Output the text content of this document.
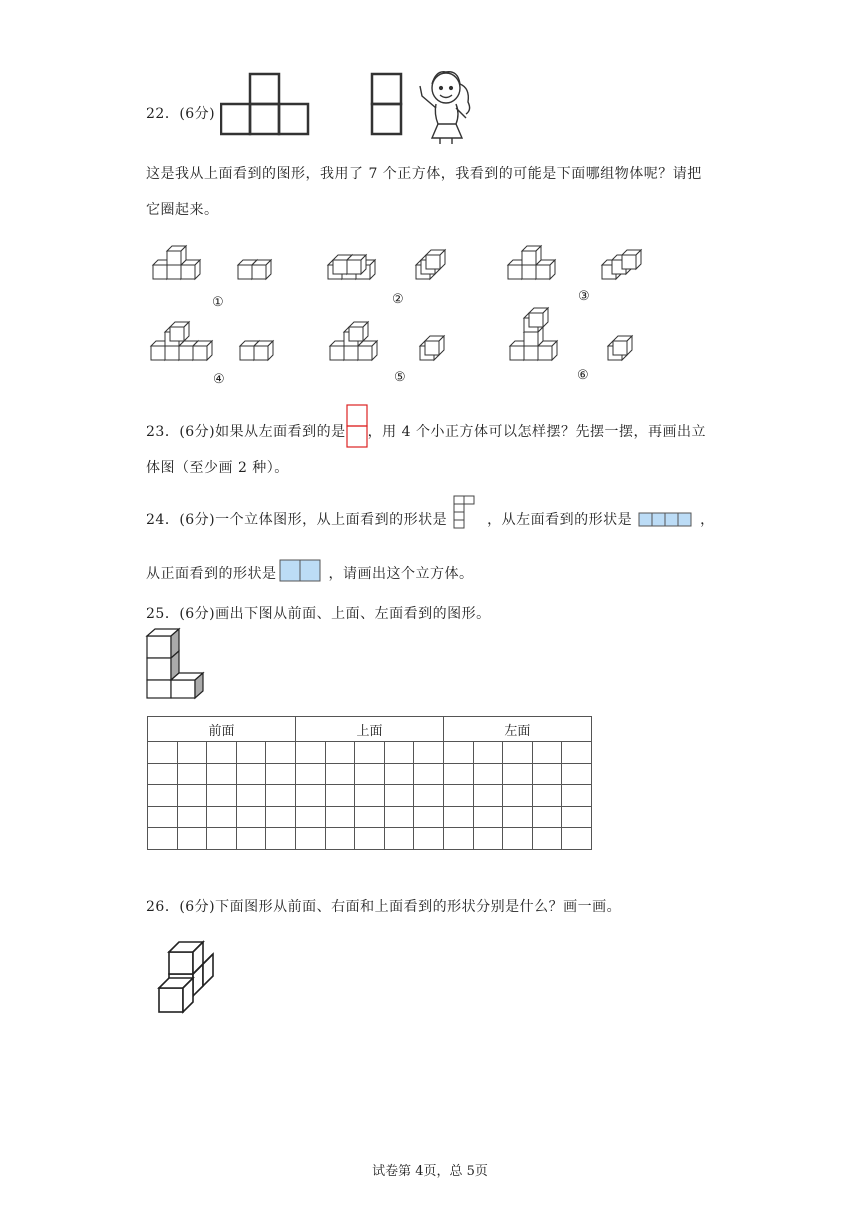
22．(6分)
这是我从上面看到的图形，我用了 7 个正方体，我看到的可能是下面哪组物体呢？请把
它圈起来。
①	②	③
④	⑤	⑥
23．(6分)如果从左面看到的是 ，用 4 个小正方体可以怎样摆？先摆一摆，再画出立
体图（至少画 2 种）。
24．(6分)一个立体图形，从上面看到的形状是	，从左面看到的形状是	，
从正面看到的形状是	，请画出这个立方体。
25．(6分)画出下图从前面、上面、左面看到的图形。
前面					上面					左面				

26．(6分)下面图形从前面、右面和上面看到的形状分别是什么？画一画。
试卷第 4页，总 5页
